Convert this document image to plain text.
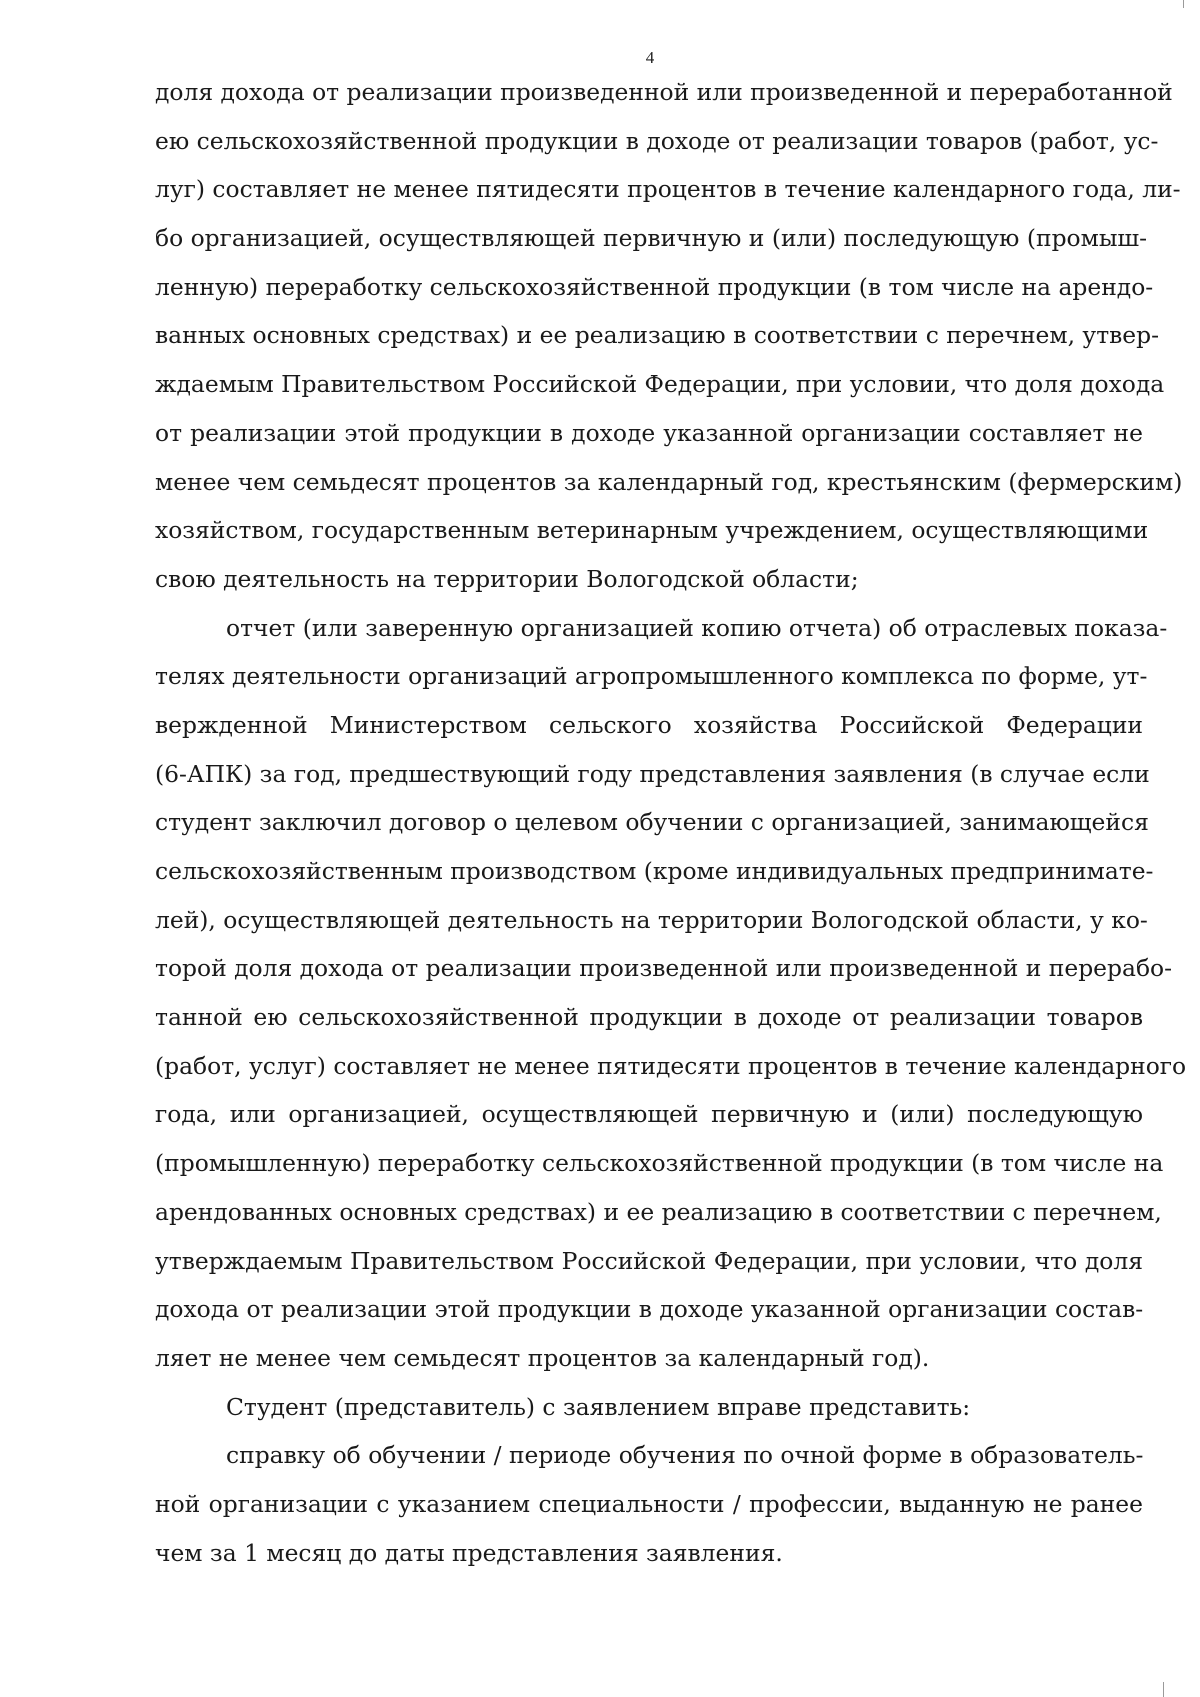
4
доля дохода от реализации произведенной или произведенной и переработанной
ею сельскохозяйственной продукции в доходе от реализации товаров (работ, ус-
луг) составляет не менее пятидесяти процентов в течение календарного года, ли-
бо организацией, осуществляющей первичную и (или) последующую (промыш-
ленную) переработку сельскохозяйственной продукции (в том числе на арендо-
ванных основных средствах) и ее реализацию в соответствии с перечнем, утвер-
ждаемым Правительством Российской Федерации, при условии, что доля дохода
от реализации этой продукции в доходе указанной организации составляет не
менее чем семьдесят процентов за календарный год, крестьянским (фермерским)
хозяйством, государственным ветеринарным учреждением, осуществляющими
свою деятельность на территории Вологодской области;
отчет (или заверенную организацией копию отчета) об отраслевых показа-
телях деятельности организаций агропромышленного комплекса по форме, ут-
вержденной Министерством сельского хозяйства Российской Федерации
(6-АПК) за год, предшествующий году представления заявления (в случае если
студент заключил договор о целевом обучении с организацией, занимающейся
сельскохозяйственным производством (кроме индивидуальных предпринимате-
лей), осуществляющей деятельность на территории Вологодской области, у ко-
торой доля дохода от реализации произведенной или произведенной и перерабо-
танной ею сельскохозяйственной продукции в доходе от реализации товаров
(работ, услуг) составляет не менее пятидесяти процентов в течение календарного
года, или организацией, осуществляющей первичную и (или) последующую
(промышленную) переработку сельскохозяйственной продукции (в том числе на
арендованных основных средствах) и ее реализацию в соответствии с перечнем,
утверждаемым Правительством Российской Федерации, при условии, что доля
дохода от реализации этой продукции в доходе указанной организации состав-
ляет не менее чем семьдесят процентов за календарный год).
Студент (представитель) с заявлением вправе представить:
справку об обучении / периоде обучения по очной форме в образователь-
ной организации с указанием специальности / профессии, выданную не ранее
чем за 1 месяц до даты представления заявления.
